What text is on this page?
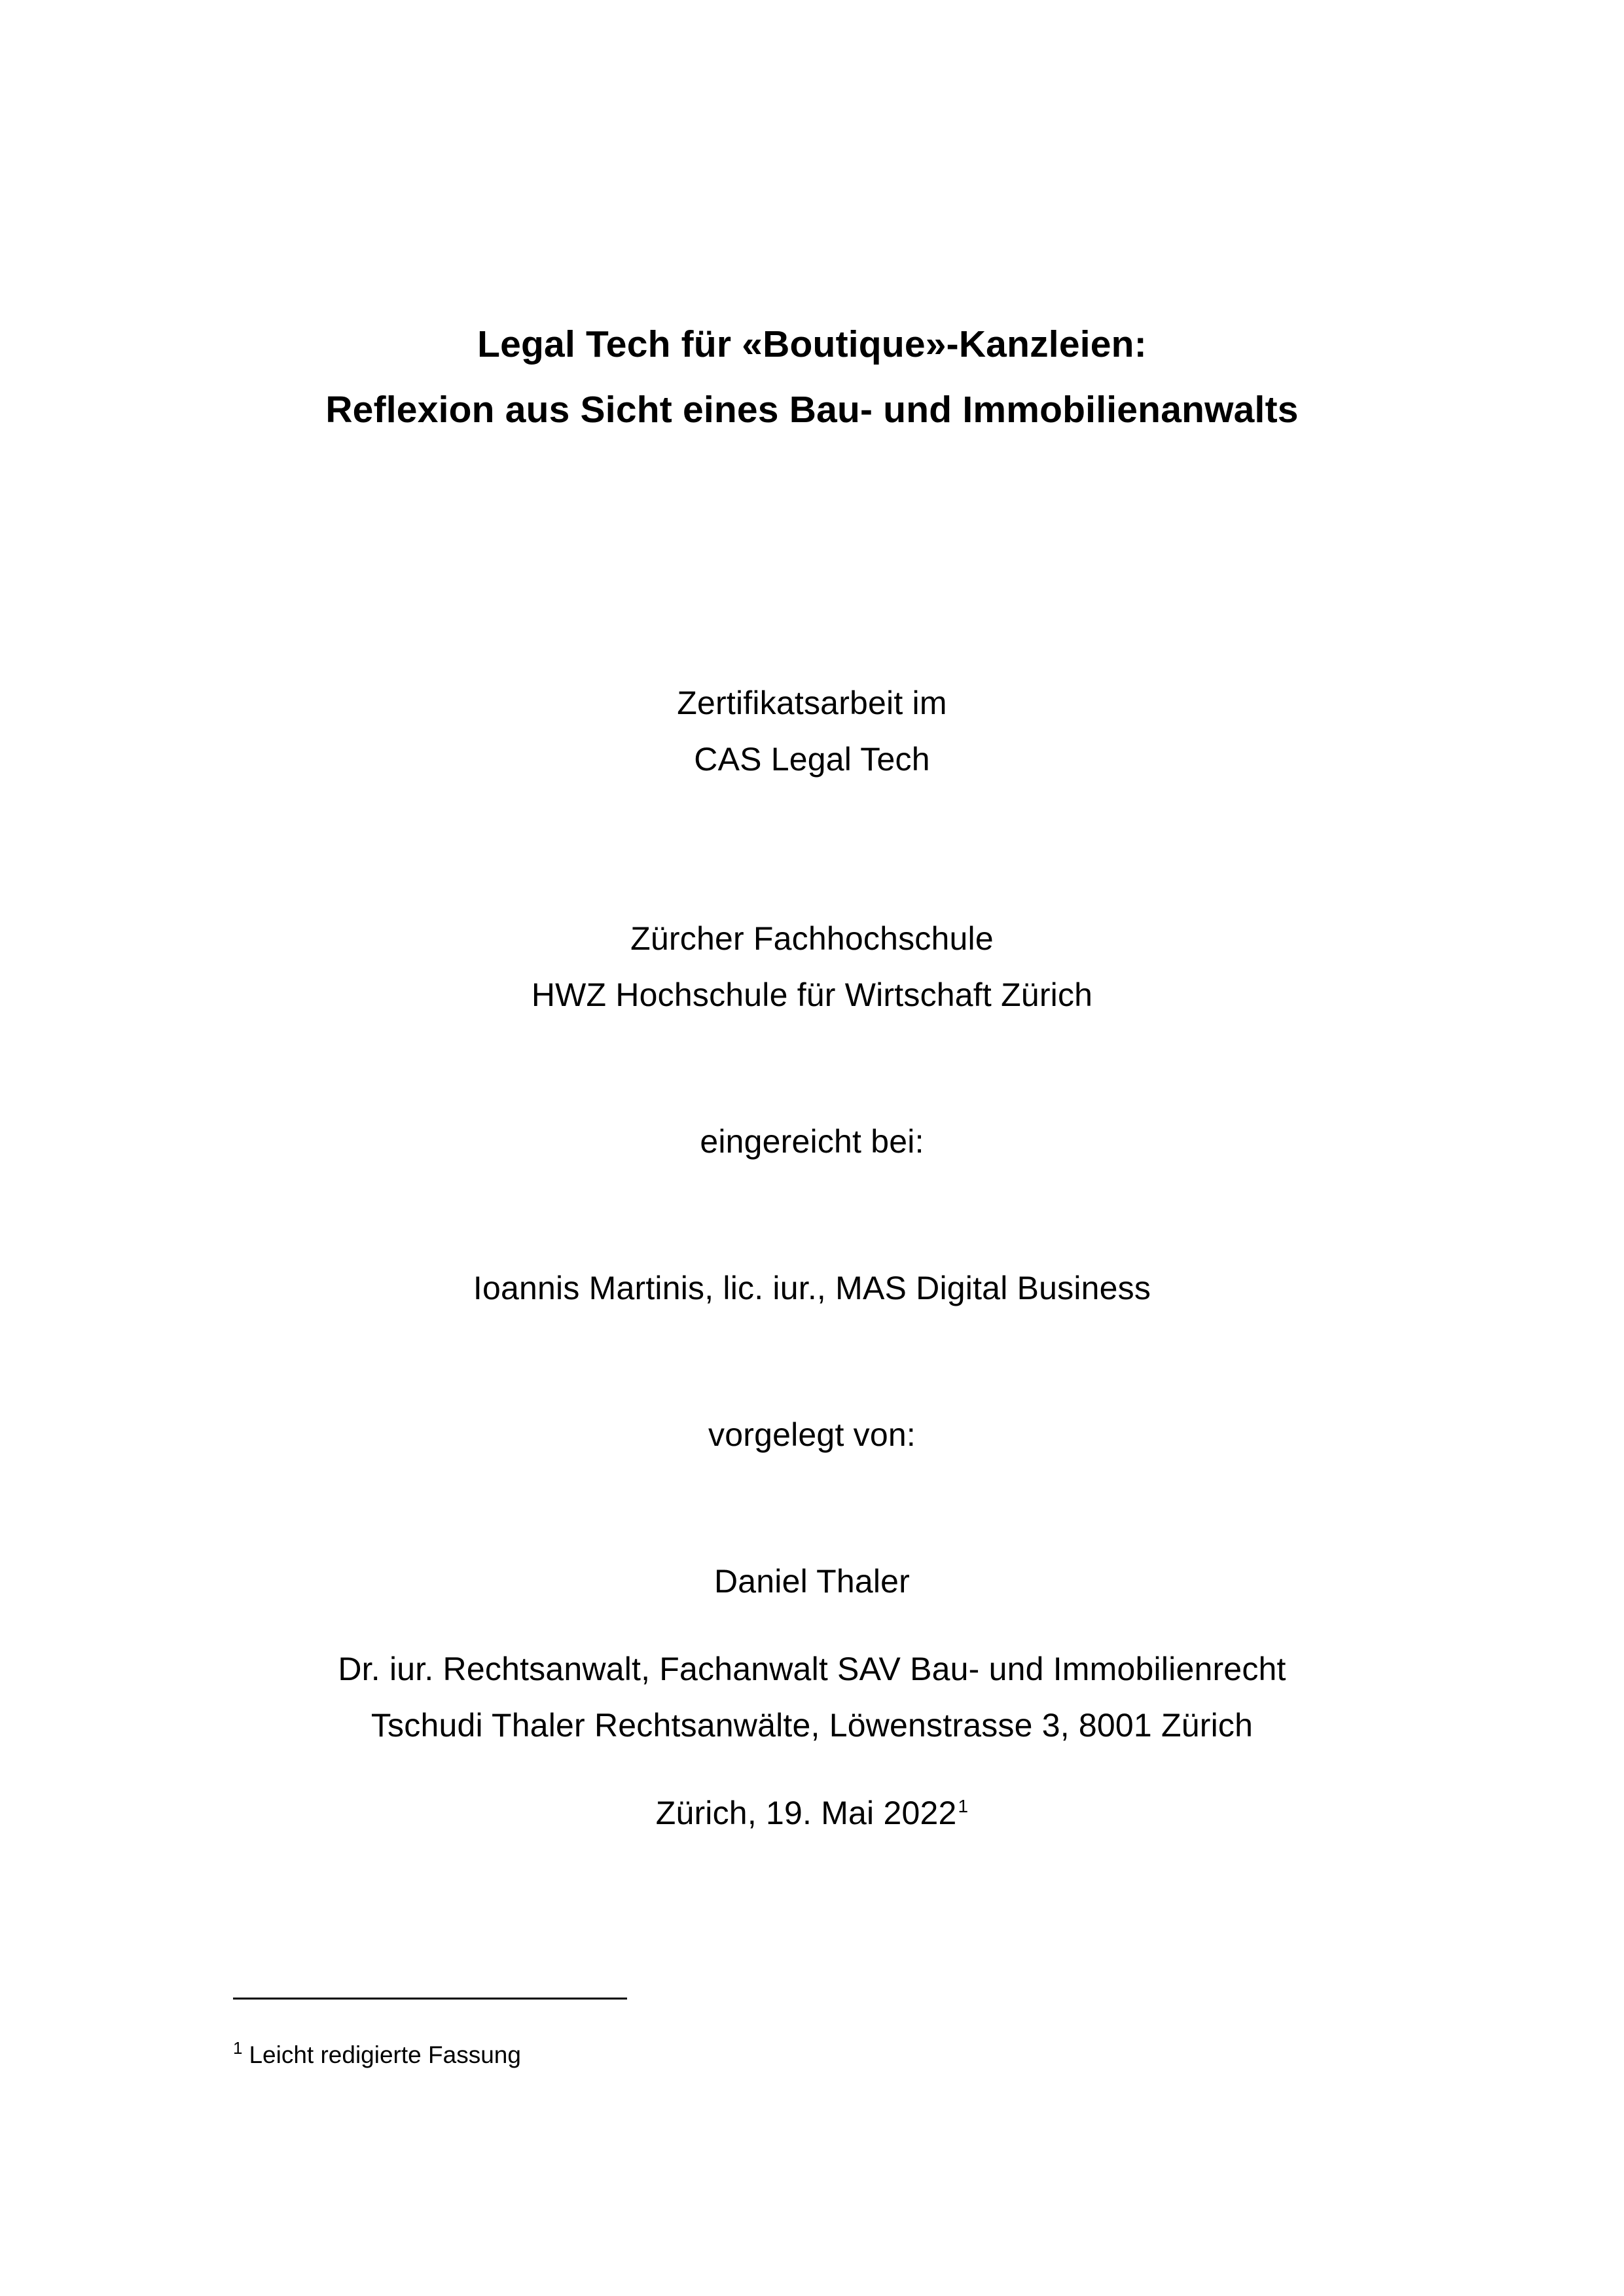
Legal Tech für «Boutique»-Kanzleien:
Reflexion aus Sicht eines Bau- und Immobilienanwalts
Zertifikatsarbeit im
CAS Legal Tech
Zürcher Fachhochschule
HWZ Hochschule für Wirtschaft Zürich
eingereicht bei:
Ioannis Martinis, lic. iur., MAS Digital Business
vorgelegt von:
Daniel Thaler
Dr. iur. Rechtsanwalt, Fachanwalt SAV Bau- und Immobilienrecht
Tschudi Thaler Rechtsanwälte, Löwenstrasse 3, 8001 Zürich
Zürich, 19. Mai 2022$^1$
$^1$ Leicht redigierte Fassung
